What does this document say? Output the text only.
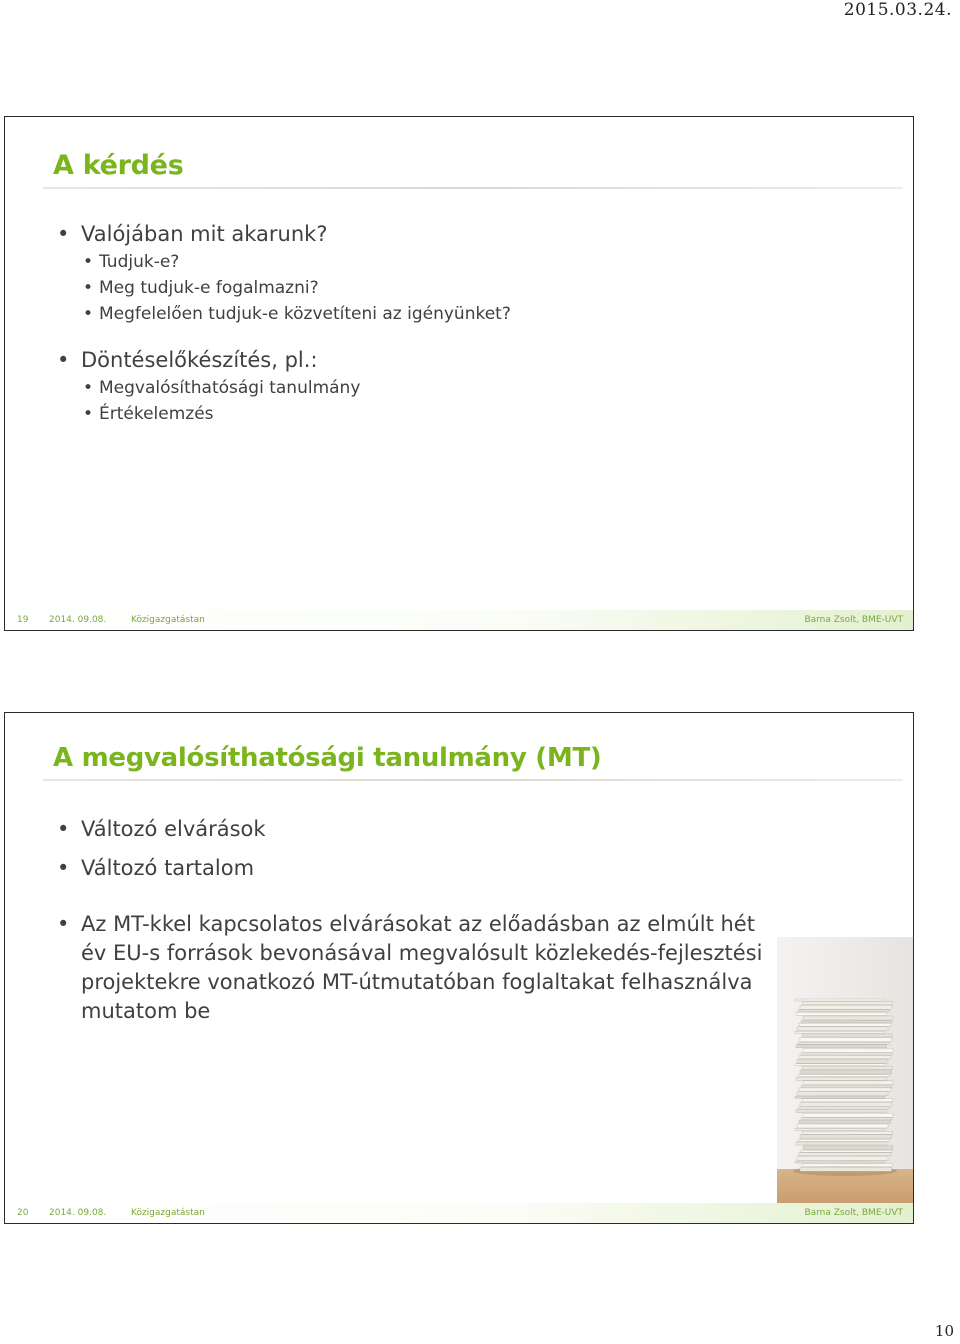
2015.03.24.
A kérdés
• Valójában mit akarunk?
• Tudjuk-e?
• Meg tudjuk-e fogalmazni?
• Megfelelően tudjuk-e közvetíteni az igényünket?
• Döntéselőkészítés, pl.:
• Megvalósíthatósági tanulmány
• Értékelemzés
19 2014. 09.08.	Közigazgatástan	Barna Zsolt, BME-UVT
A megvalósíthatósági tanulmány (MT)
• Változó elvárások
• Változó tartalom
• Az MT-kkel kapcsolatos elvárásokat az előadásban az elmúlt hét év EU-s források bevonásával megvalósult közlekedés-fejlesztési projektekre vonatkozó MT-útmutatóban foglaltakat felhasználva mutatom be
20 2014. 09.08.	Közigazgatástan	Barna Zsolt, BME-UVT
10
